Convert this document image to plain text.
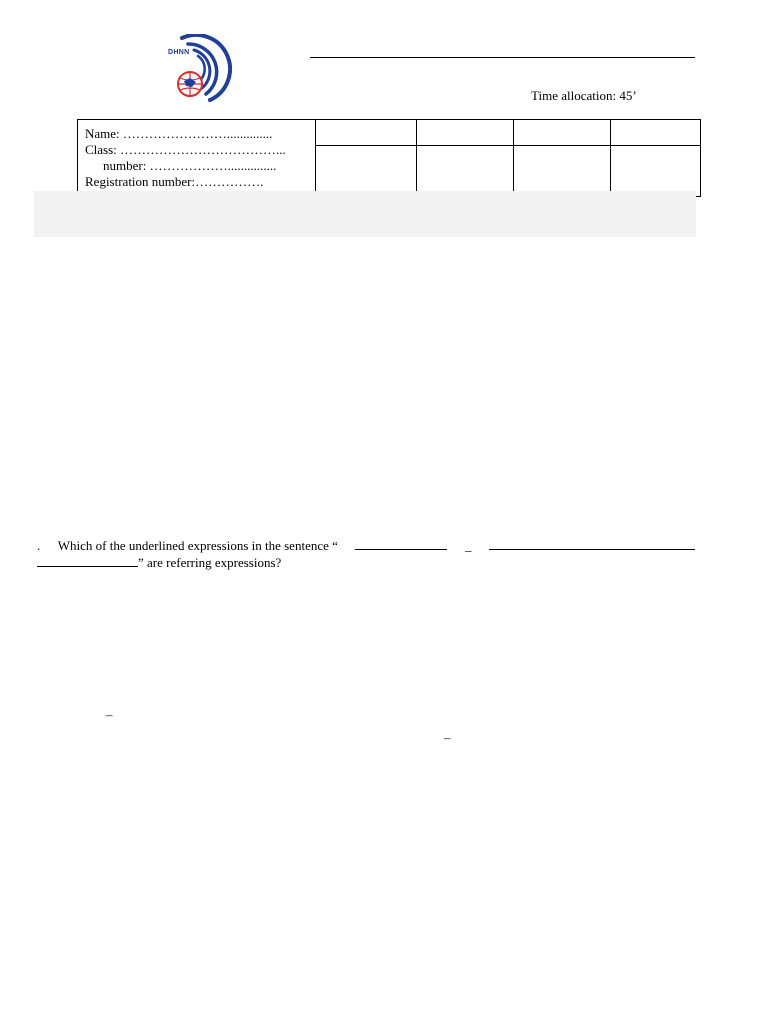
DHNN
Time allocation: 45’
Name: ……………………..............
Class: ………………………………...
number: ………………...............
Registration number:…………….				

. Which of the underlined expressions in the sentence “	_
” are referring expressions?
–
–
